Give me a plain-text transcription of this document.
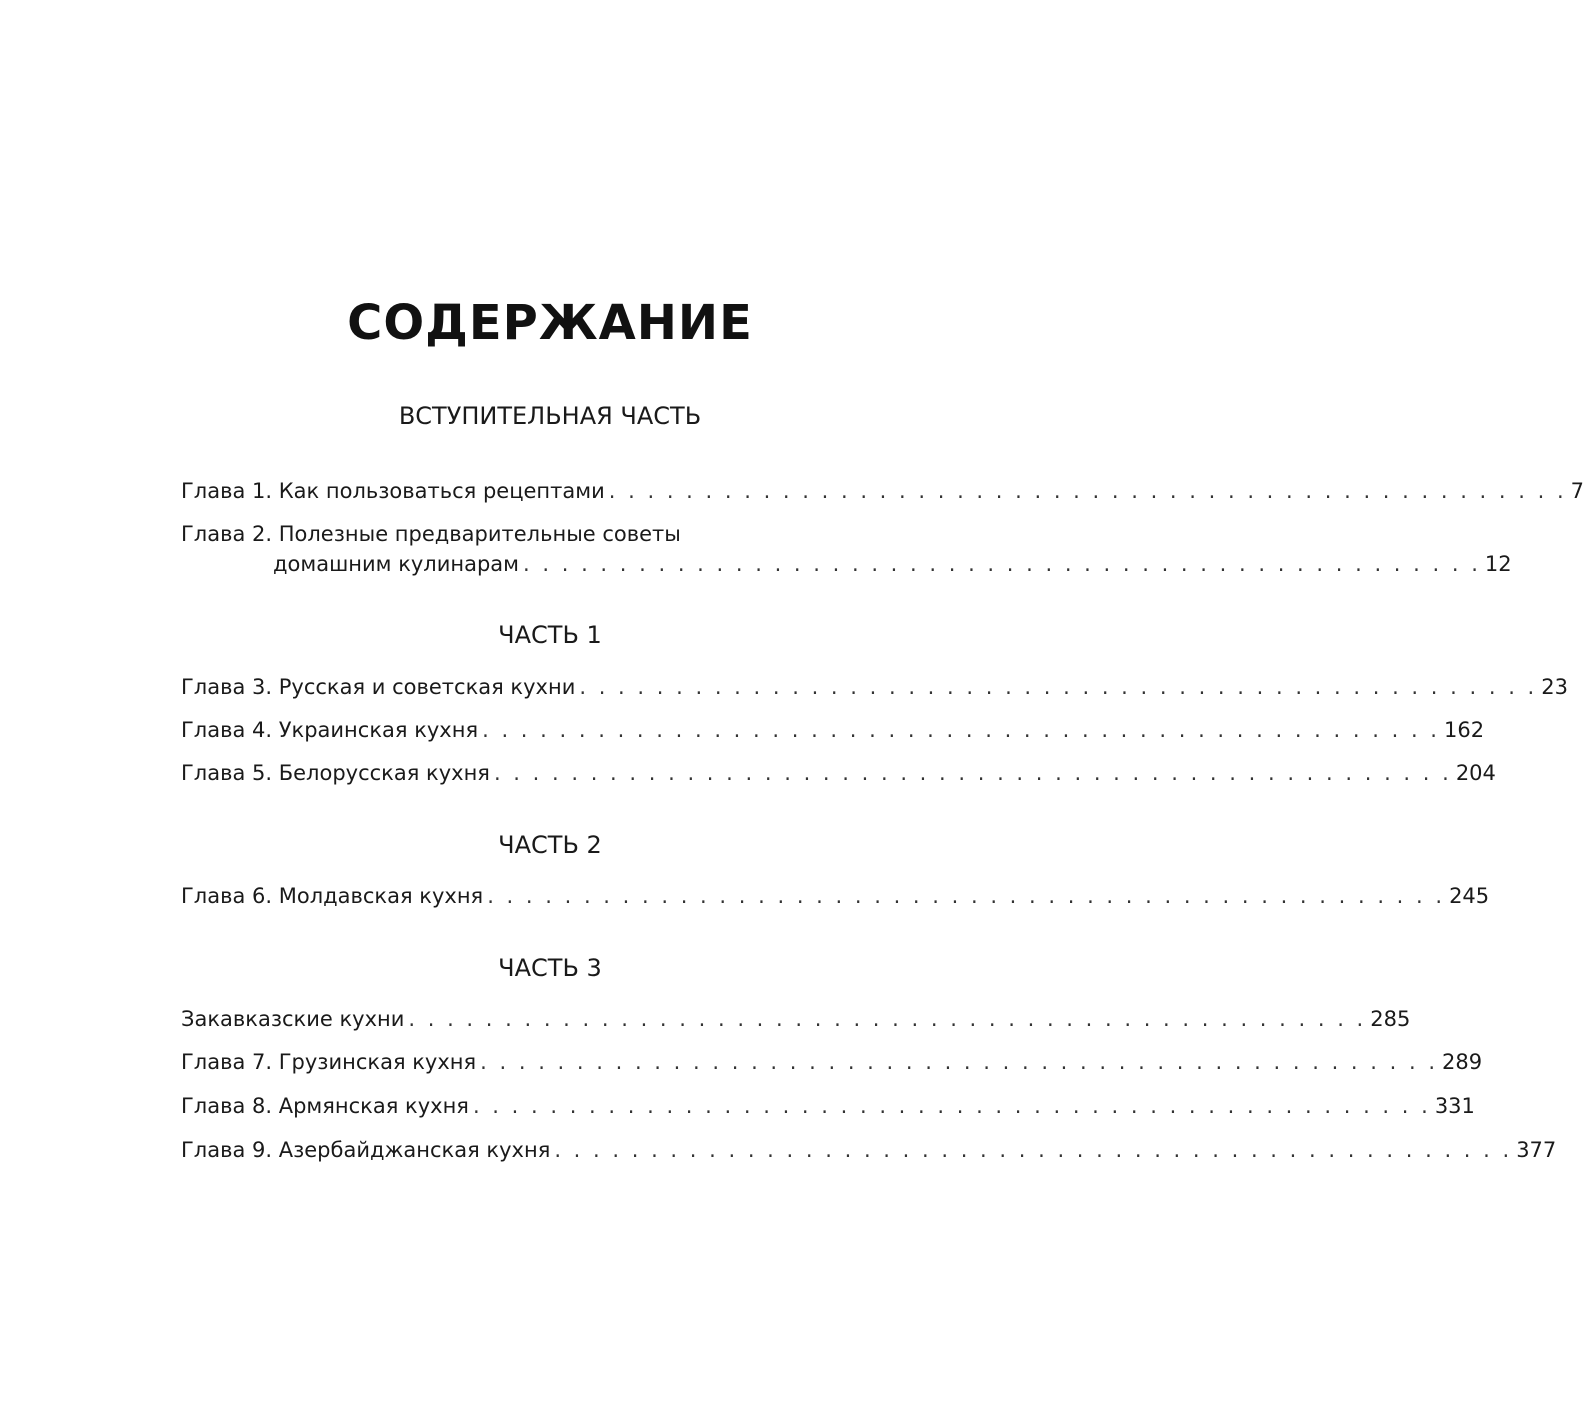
СОДЕРЖАНИЕ
ВСТУПИТЕЛЬНАЯ ЧАСТЬ
Глава 1. Как пользоваться рецептами . . . . . . . . . . . . . . . . . . . . . . . . . . . . . . . . . . . . . . . . . . . . . . . . . . 7
Глава 2. Полезные предварительные советы
домашним кулинарам . . . . . . . . . . . . . . . . . . . . . . . . . . . . . . . . . . . . . . . . . . . . . . . . . . 12
ЧАСТЬ 1
Глава 3. Русская и советская кухни . . . . . . . . . . . . . . . . . . . . . . . . . . . . . . . . . . . . . . . . . . . . . . . . . . 23
Глава 4. Украинская кухня . . . . . . . . . . . . . . . . . . . . . . . . . . . . . . . . . . . . . . . . . . . . . . . . . . 162
Глава 5. Белорусская кухня . . . . . . . . . . . . . . . . . . . . . . . . . . . . . . . . . . . . . . . . . . . . . . . . . . 204
ЧАСТЬ 2
Глава 6. Молдавская кухня . . . . . . . . . . . . . . . . . . . . . . . . . . . . . . . . . . . . . . . . . . . . . . . . . . 245
ЧАСТЬ 3
Закавказские кухни . . . . . . . . . . . . . . . . . . . . . . . . . . . . . . . . . . . . . . . . . . . . . . . . . . 285
Глава 7. Грузинская кухня . . . . . . . . . . . . . . . . . . . . . . . . . . . . . . . . . . . . . . . . . . . . . . . . . . 289
Глава 8. Армянская кухня . . . . . . . . . . . . . . . . . . . . . . . . . . . . . . . . . . . . . . . . . . . . . . . . . . 331
Глава 9. Азербайджанская кухня . . . . . . . . . . . . . . . . . . . . . . . . . . . . . . . . . . . . . . . . . . . . . . . . . . 377
